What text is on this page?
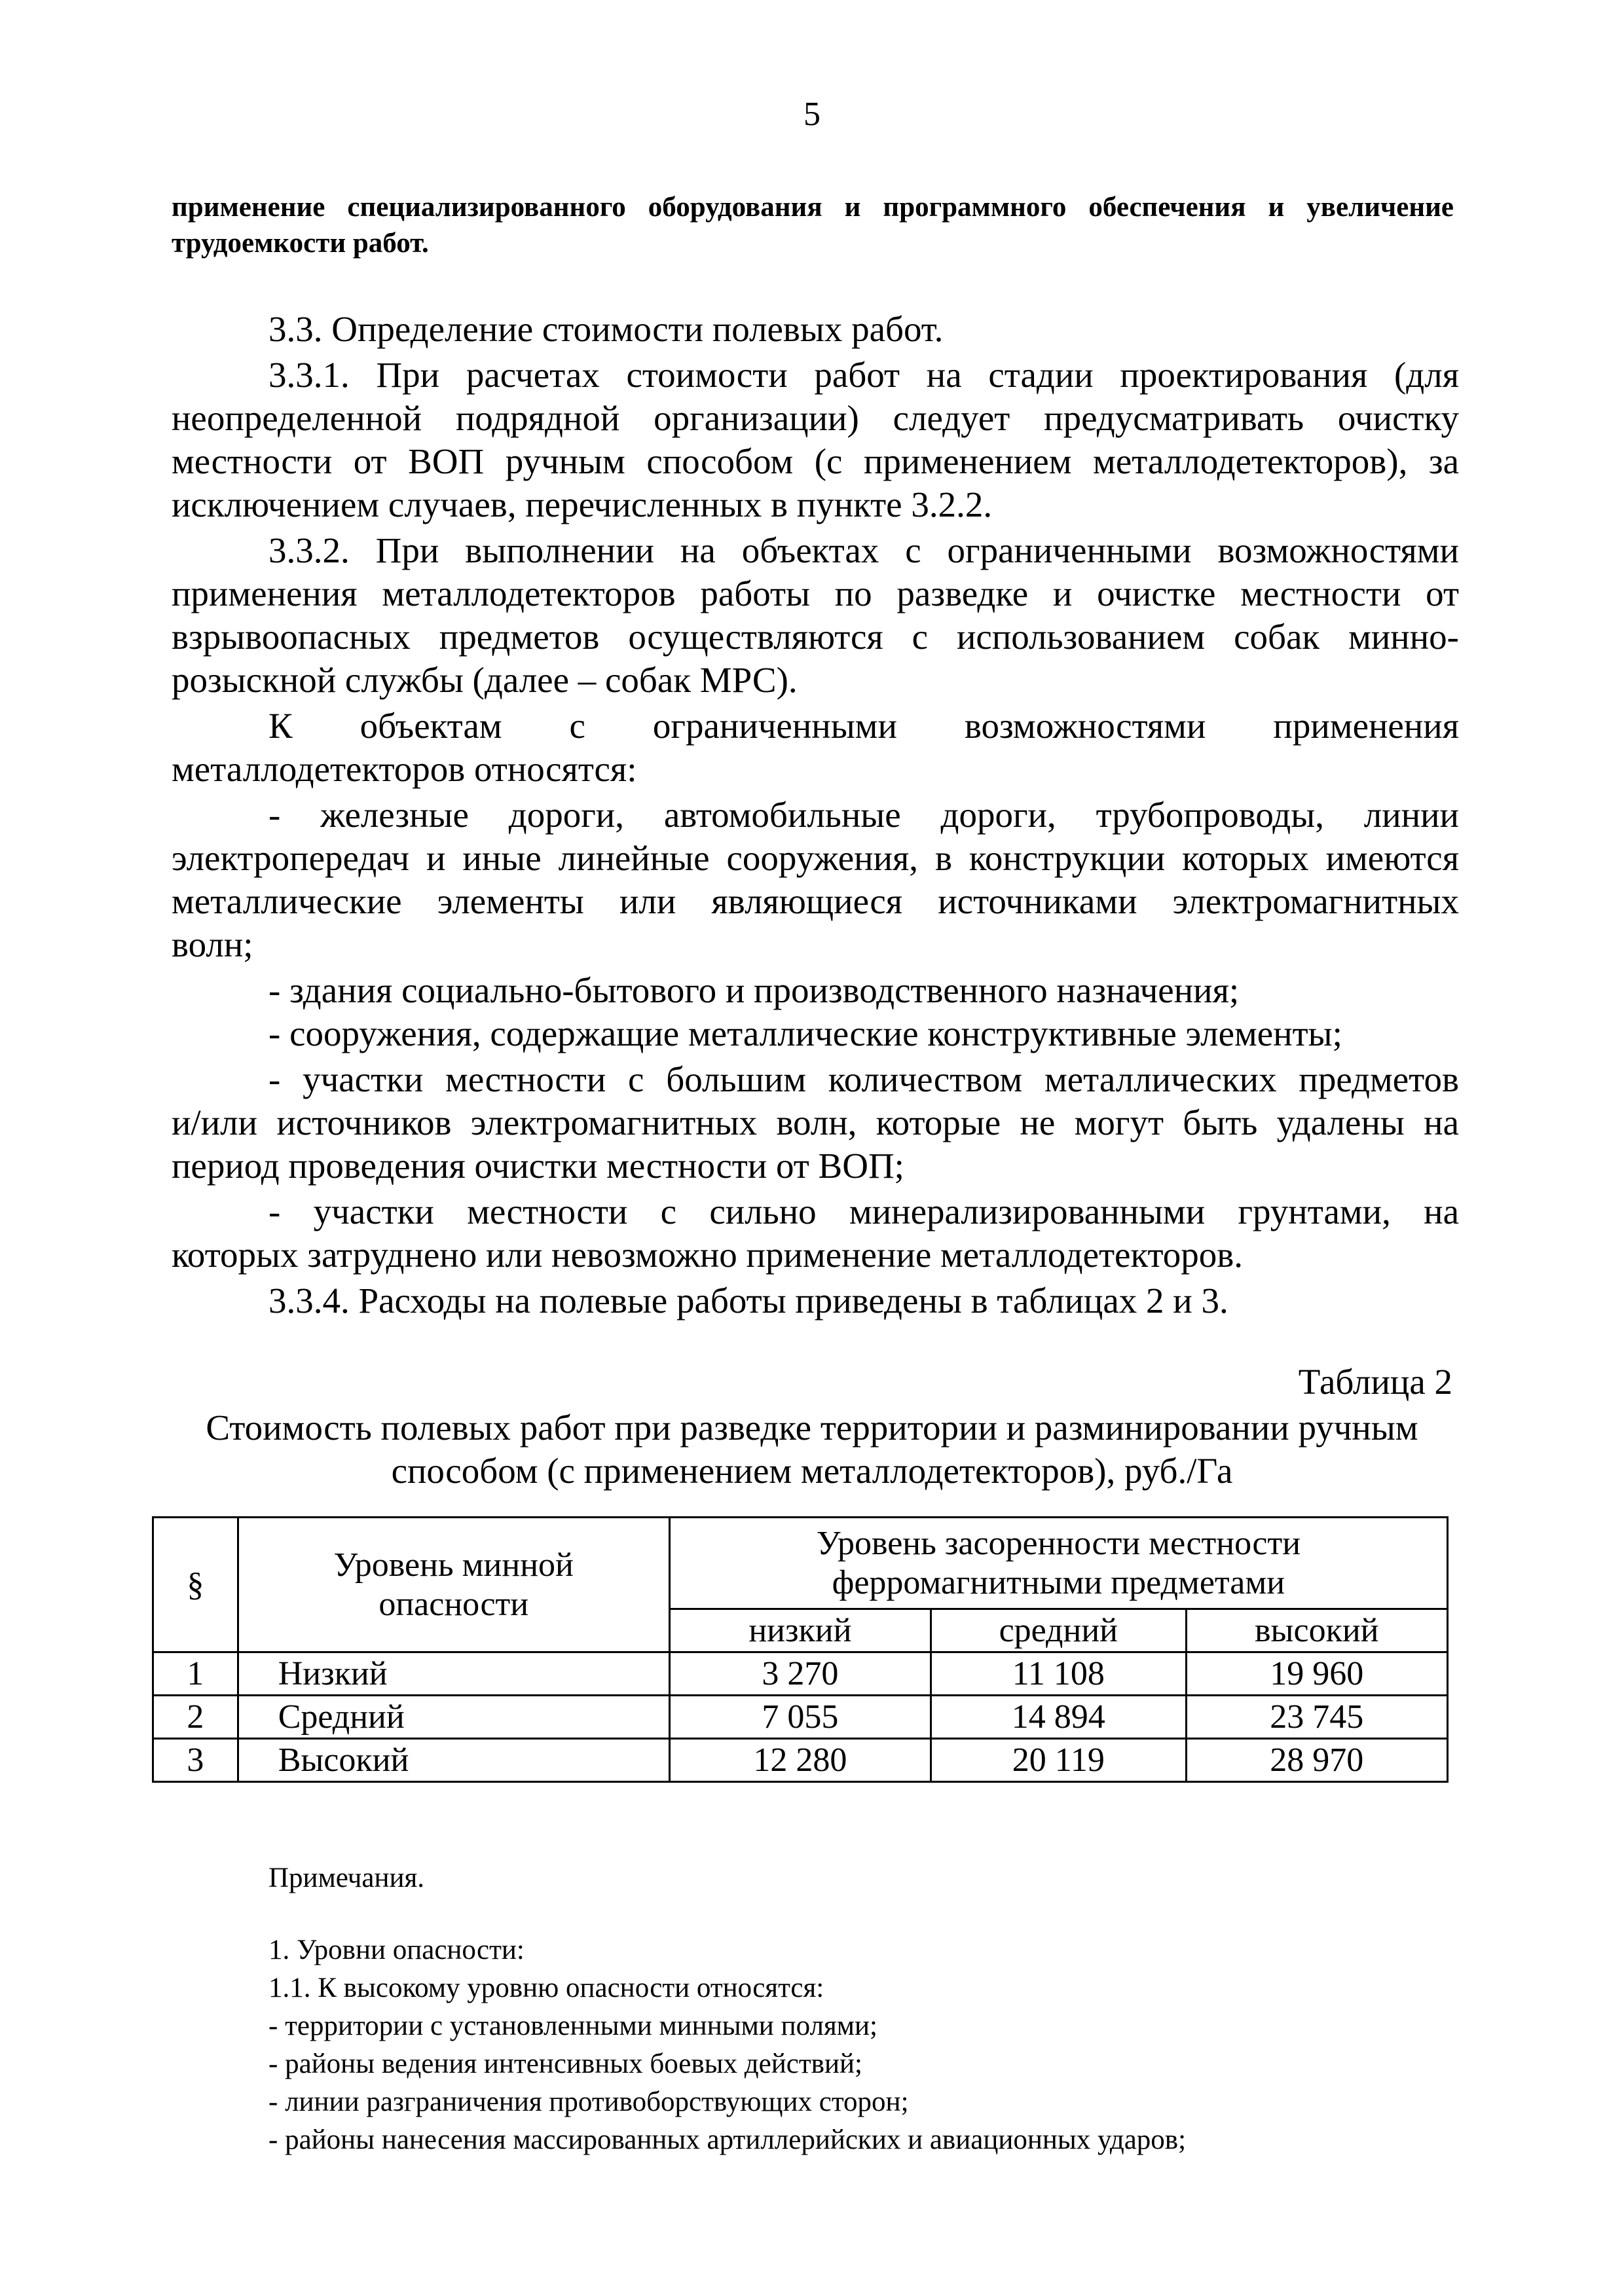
5
применение специализированного оборудования и программного обеспечения и увеличение
трудоемкости работ.
3.3. Определение стоимости полевых работ.
3.3.1. При расчетах стоимости работ на стадии проектирования (для
неопределенной подрядной организации) следует предусматривать очистку
местности от ВОП ручным способом (с применением металлодетекторов), за
исключением случаев, перечисленных в пункте 3.2.2.
3.3.2. При выполнении на объектах с ограниченными возможностями
применения металлодетекторов работы по разведке и очистке местности от
взрывоопасных предметов осуществляются с использованием собак минно-
розыскной службы (далее – собак МРС).
К объектам с ограниченными возможностями применения
металлодетекторов относятся:
- железные дороги, автомобильные дороги, трубопроводы, линии
электропередач и иные линейные сооружения, в конструкции которых имеются
металлические элементы или являющиеся источниками электромагнитных
волн;
- здания социально-бытового и производственного назначения;
- сооружения, содержащие металлические конструктивные элементы;
- участки местности с большим количеством металлических предметов
и/или источников электромагнитных волн, которые не могут быть удалены на
период проведения очистки местности от ВОП;
- участки местности с сильно минерализированными грунтами, на
которых затруднено или невозможно применение металлодетекторов.
3.3.4. Расходы на полевые работы приведены в таблицах 2 и 3.
Таблица 2
Стоимость полевых работ при разведке территории и разминировании ручным
способом (с применением металлодетекторов), руб./Га
§	Уровень минной опасности	Уровень засоренности местности ферромагнитными предметами		
		низкий	средний	высокий
1	Низкий	3 270	11 108	19 960
2	Средний	7 055	14 894	23 745
3	Высокий	12 280	20 119	28 970
Примечания.
1. Уровни опасности:
1.1. К высокому уровню опасности относятся:
- территории с установленными минными полями;
- районы ведения интенсивных боевых действий;
- линии разграничения противоборствующих сторон;
- районы нанесения массированных артиллерийских и авиационных ударов;
